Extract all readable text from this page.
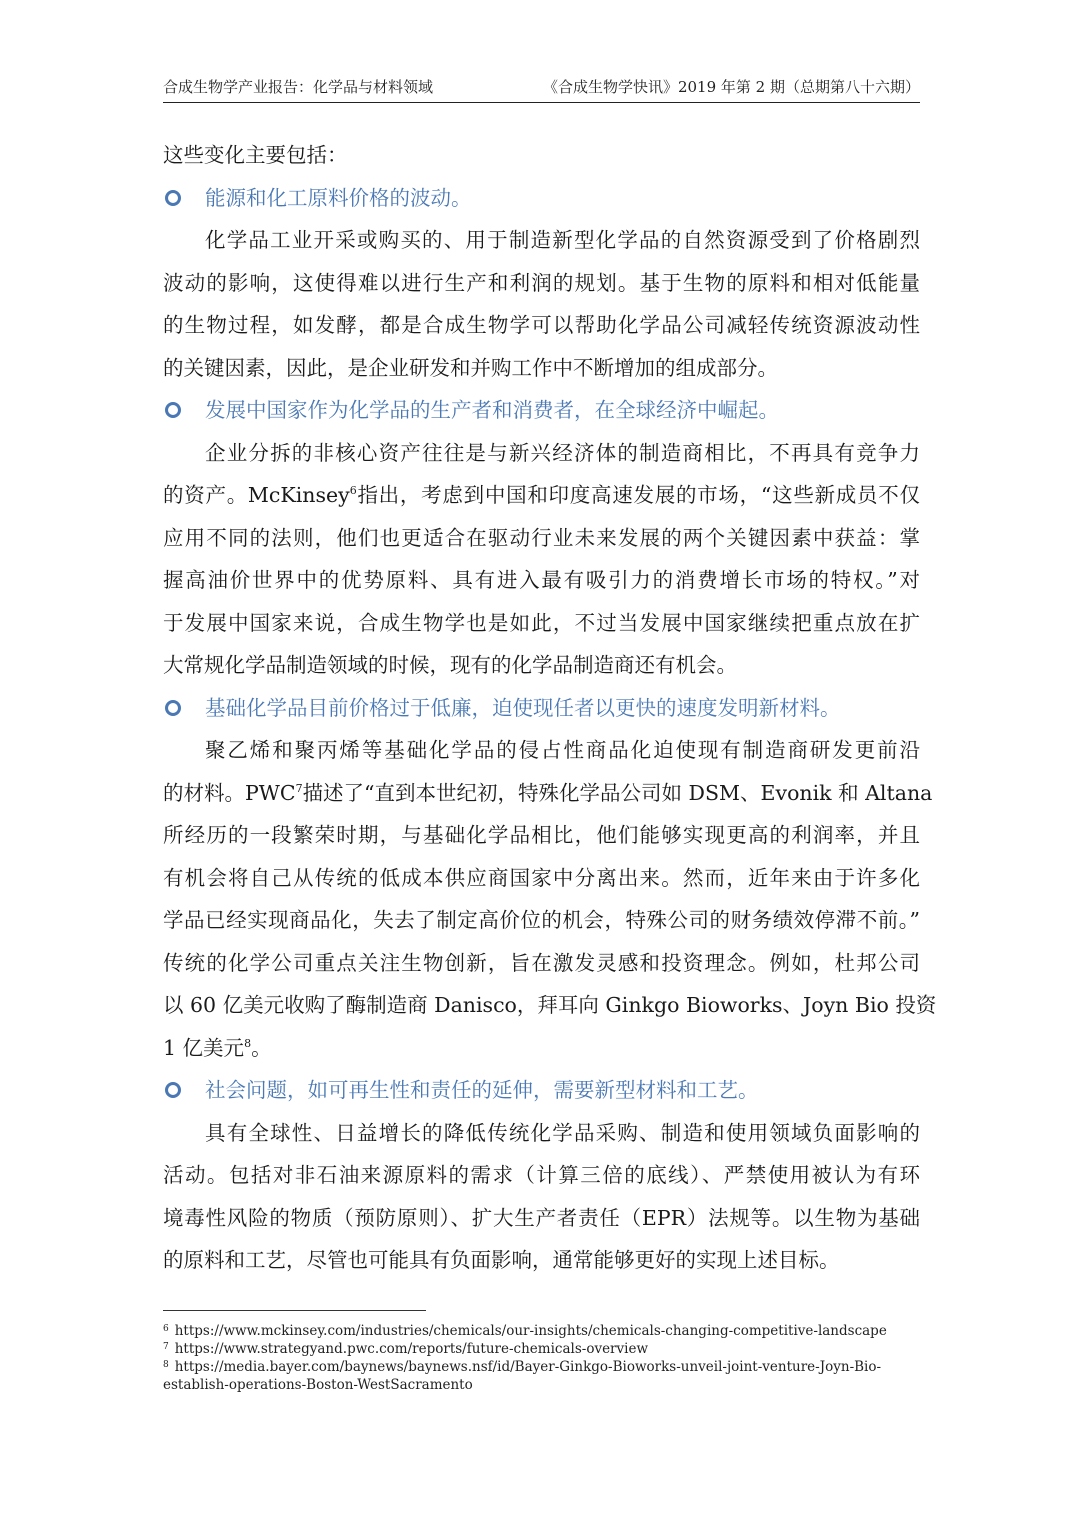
合成生物学产业报告：化学品与材料领域	《合成生物学快讯》2019 年第 2 期（总期第八十六期）
这些变化主要包括：
能源和化工原料价格的波动。
化学品工业开采或购买的、用于制造新型化学品的自然资源受到了价格剧烈
波动的影响，这使得难以进行生产和利润的规划。基于生物的原料和相对低能量
的生物过程，如发酵，都是合成生物学可以帮助化学品公司减轻传统资源波动性
的关键因素，因此，是企业研发和并购工作中不断增加的组成部分。
发展中国家作为化学品的生产者和消费者，在全球经济中崛起。
企业分拆的非核心资产往往是与新兴经济体的制造商相比，不再具有竞争力
的资产。McKinsey$^6$指出，考虑到中国和印度高速发展的市场，“这些新成员不仅
应用不同的法则，他们也更适合在驱动行业未来发展的两个关键因素中获益：掌
握高油价世界中的优势原料、具有进入最有吸引力的消费增长市场的特权。”对
于发展中国家来说，合成生物学也是如此，不过当发展中国家继续把重点放在扩
大常规化学品制造领域的时候，现有的化学品制造商还有机会。
基础化学品目前价格过于低廉，迫使现任者以更快的速度发明新材料。
聚乙烯和聚丙烯等基础化学品的侵占性商品化迫使现有制造商研发更前沿
的材料。PWC$^7$描述了“直到本世纪初，特殊化学品公司如 DSM、Evonik 和 Altana
所经历的一段繁荣时期，与基础化学品相比，他们能够实现更高的利润率，并且
有机会将自己从传统的低成本供应商国家中分离出来。然而，近年来由于许多化
学品已经实现商品化，失去了制定高价位的机会，特殊公司的财务绩效停滞不前。”
传统的化学公司重点关注生物创新，旨在激发灵感和投资理念。例如，杜邦公司
以 60 亿美元收购了酶制造商 Danisco，拜耳向 Ginkgo Bioworks、Joyn Bio 投资
1 亿美元$^8$。
社会问题，如可再生性和责任的延伸，需要新型材料和工艺。
具有全球性、日益增长的降低传统化学品采购、制造和使用领域负面影响的
活动。包括对非石油来源原料的需求（计算三倍的底线）、严禁使用被认为有环
境毒性风险的物质（预防原则）、扩大生产者责任（EPR）法规等。以生物为基础
的原料和工艺，尽管也可能具有负面影响，通常能够更好的实现上述目标。
$^6$ https://www.mckinsey.com/industries/chemicals/our-insights/chemicals-changing-competitive-landscape
$^7$ https://www.strategyand.pwc.com/reports/future-chemicals-overview
$^8$ https://media.bayer.com/baynews/baynews.nsf/id/Bayer-Ginkgo-Bioworks-unveil-joint-venture-Joyn-Bio-
establish-operations-Boston-WestSacramento
